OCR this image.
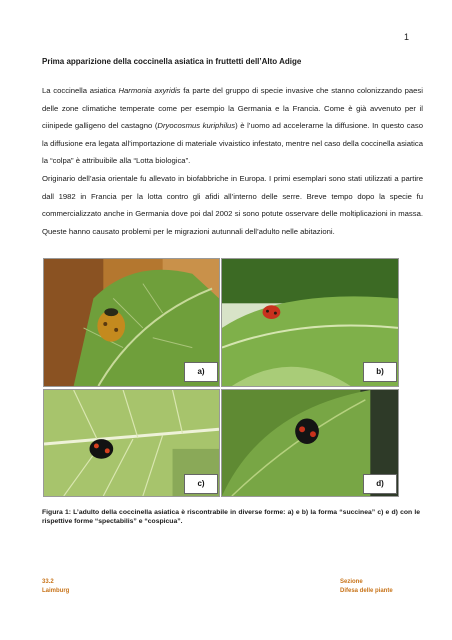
1
Prima apparizione della coccinella asiatica in fruttetti dell’Alto Adige

La coccinella asiatica Harmonia axyridis fa parte del gruppo di specie invasive che stanno colonizzando paesi delle zone climatiche temperate come per esempio la Germania e la Francia. Come è già avvenuto per il ciinipede galligeno del castagno (Dryocosmus kuriphilus) è l’uomo ad accelerarne la diffusione. In questo caso la diffusione era legata all’importazione di materiale vivaistico infestato, mentre nel caso della coccinella asiatica la “colpa” è attribuibile alla “Lotta biologica”.

Originario dell’asia orientale fu allevato in biofabbriche in Europa. I primi esemplari sono stati utilizzati a partire dall 1982 in Francia per la lotta contro gli afidi all’interno delle serre. Breve tempo dopo la specie fu commercializzato anche in Germania dove poi dal 2002 si sono potute osservare delle moltiplicazioni in massa. Queste hanno causato problemi per le migrazioni autunnali dell’adulto nelle abitazioni.

a)	b)
c)	d)

Figura 1: L’adulto della coccinella asiatica è riscontrabile in diverse forme: a) e b) la forma “succinea” c) e d) con le rispettive forme “spectabilis” e “cospicua”.

33.2
Laimburg
Sezione
Difesa delle piante
